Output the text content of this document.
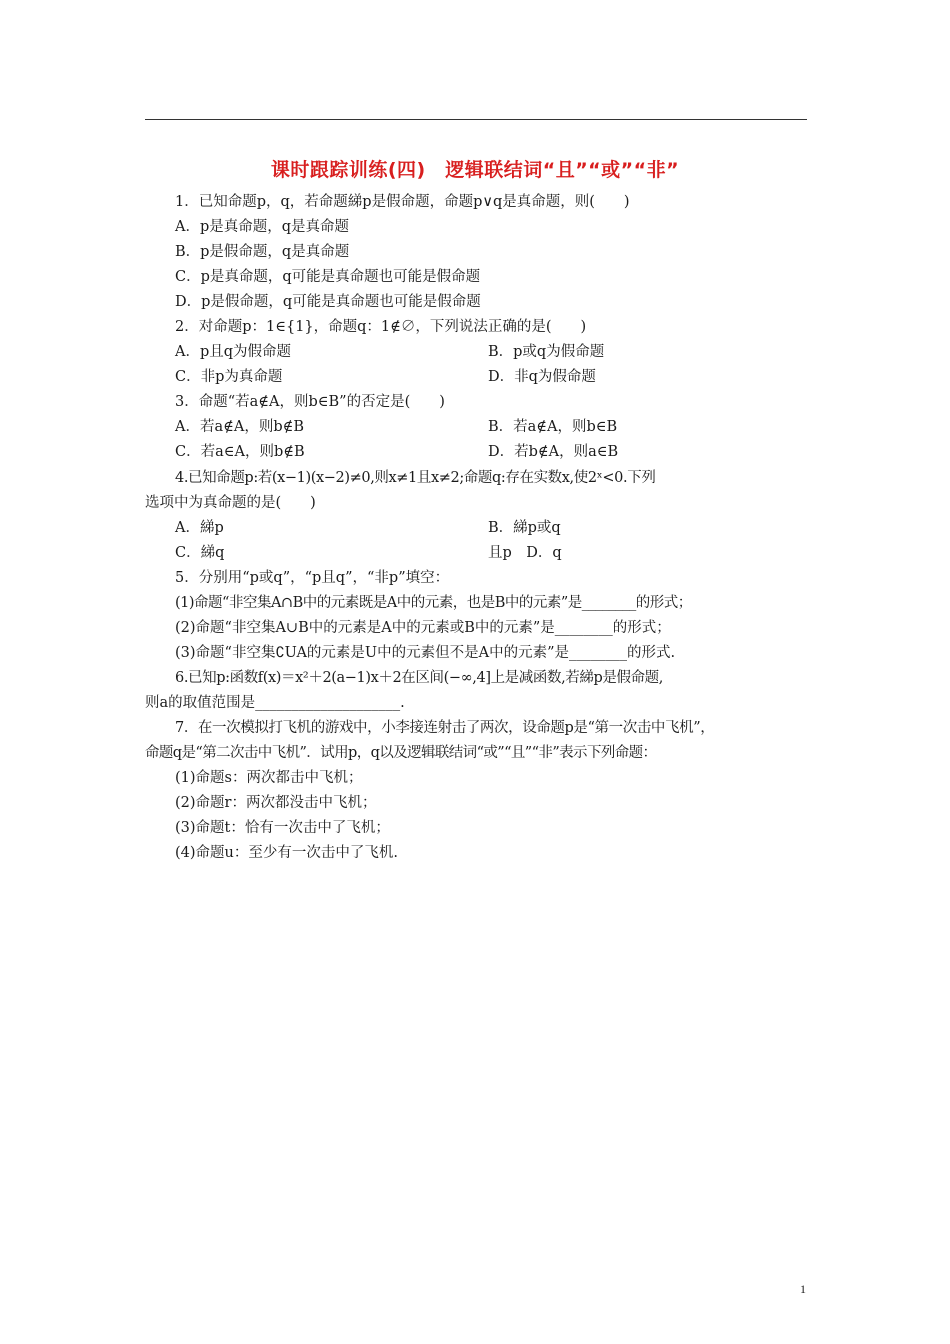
课时跟踪训练(四)　逻辑联结词“且”“或”“非”
1．已知命题p，q，若命题綈p是假命题，命题p∨q是真命题，则(　　)
A．p是真命题，q是真命题
B．p是假命题，q是真命题
C．p是真命题，q可能是真命题也可能是假命题
D．p是假命题，q可能是真命题也可能是假命题
2．对命题p：1∈{1}，命题q：1∉∅，下列说法正确的是(　　)
A．p且q为假命题	B．p或q为假命题
C．非p为真命题	D．非q为假命题
3．命题“若a∉A，则b∈B”的否定是(　　)
A．若a∉A，则b∉B	B．若a∉A，则b∈B
C．若a∈A，则b∉B	D．若b∉A，则a∈B
4.已知命题p:若(x−1)(x−2)≠0,则x≠1且x≠2;命题q:存在实数x,使2ˣ<0.下列
选项中为真命题的是(　　)
A．綈p	B．綈p或q
C．綈q	且p　D．q
5．分别用“p或q”，“p且q”，“非p”填空：
(1)命题“非空集A∩B中的元素既是A中的元素，也是B中的元素”是________的形式；
(2)命题“非空集A∪B中的元素是A中的元素或B中的元素”是________的形式；
(3)命题“非空集∁UA的元素是U中的元素但不是A中的元素”是________的形式.
6.已知p:函数f(x)＝x²＋2(a−1)x＋2在区间(−∞,4]上是减函数,若綈p是假命题,
则a的取值范围是____________________.
7．在一次模拟打飞机的游戏中，小李接连射击了两次，设命题p是“第一次击中飞机”，
命题q是“第二次击中飞机”．试用p，q以及逻辑联结词“或”“且”“非”表示下列命题：
(1)命题s：两次都击中飞机；
(2)命题r：两次都没击中飞机；
(3)命题t：恰有一次击中了飞机；
(4)命题u：至少有一次击中了飞机.
1
